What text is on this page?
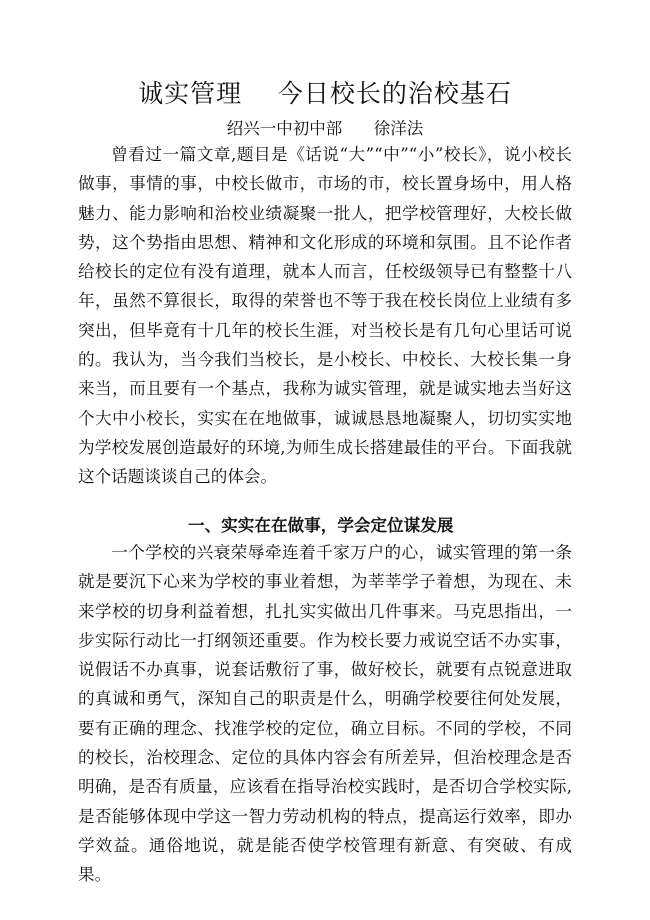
诚实管理    今日校长的治校基石
绍兴一中初中部      徐洋法

曾看过一篇文章,题目是《话说“大”“中”“小”校长》，说小校长做事，事情的事，中校长做市，市场的市，校长置身场中，用人格魅力、能力影响和治校业绩凝聚一批人，把学校管理好，大校长做势，这个势指由思想、精神和文化形成的环境和氛围。且不论作者给校长的定位有没有道理，就本人而言，任校级领导已有整整十八年，虽然不算很长，取得的荣誉也不等于我在校长岗位上业绩有多突出，但毕竟有十几年的校长生涯，对当校长是有几句心里话可说的。我认为，当今我们当校长，是小校长、中校长、大校长集一身来当，而且要有一个基点，我称为诚实管理，就是诚实地去当好这个大中小校长，实实在在地做事，诚诚恳恳地凝聚人，切切实实地为学校发展创造最好的环境,为师生成长搭建最佳的平台。下面我就这个话题谈谈自己的体会。

一、实实在在做事，学会定位谋发展

一个学校的兴衰荣辱牵连着千家万户的心，诚实管理的第一条就是要沉下心来为学校的事业着想，为莘莘学子着想，为现在、未来学校的切身利益着想，扎扎实实做出几件事来。马克思指出，一步实际行动比一打纲领还重要。作为校长要力戒说空话不办实事，说假话不办真事，说套话敷衍了事，做好校长，就要有点锐意进取的真诚和勇气，深知自己的职责是什么，明确学校要往何处发展，要有正确的理念、找准学校的定位，确立目标。不同的学校，不同的校长，治校理念、定位的具体内容会有所差异，但治校理念是否明确，是否有质量，应该看在指导治校实践时，是否切合学校实际,是否能够体现中学这一智力劳动机构的特点，提高运行效率，即办学效益。通俗地说，就是能否使学校管理有新意、有突破、有成果。
